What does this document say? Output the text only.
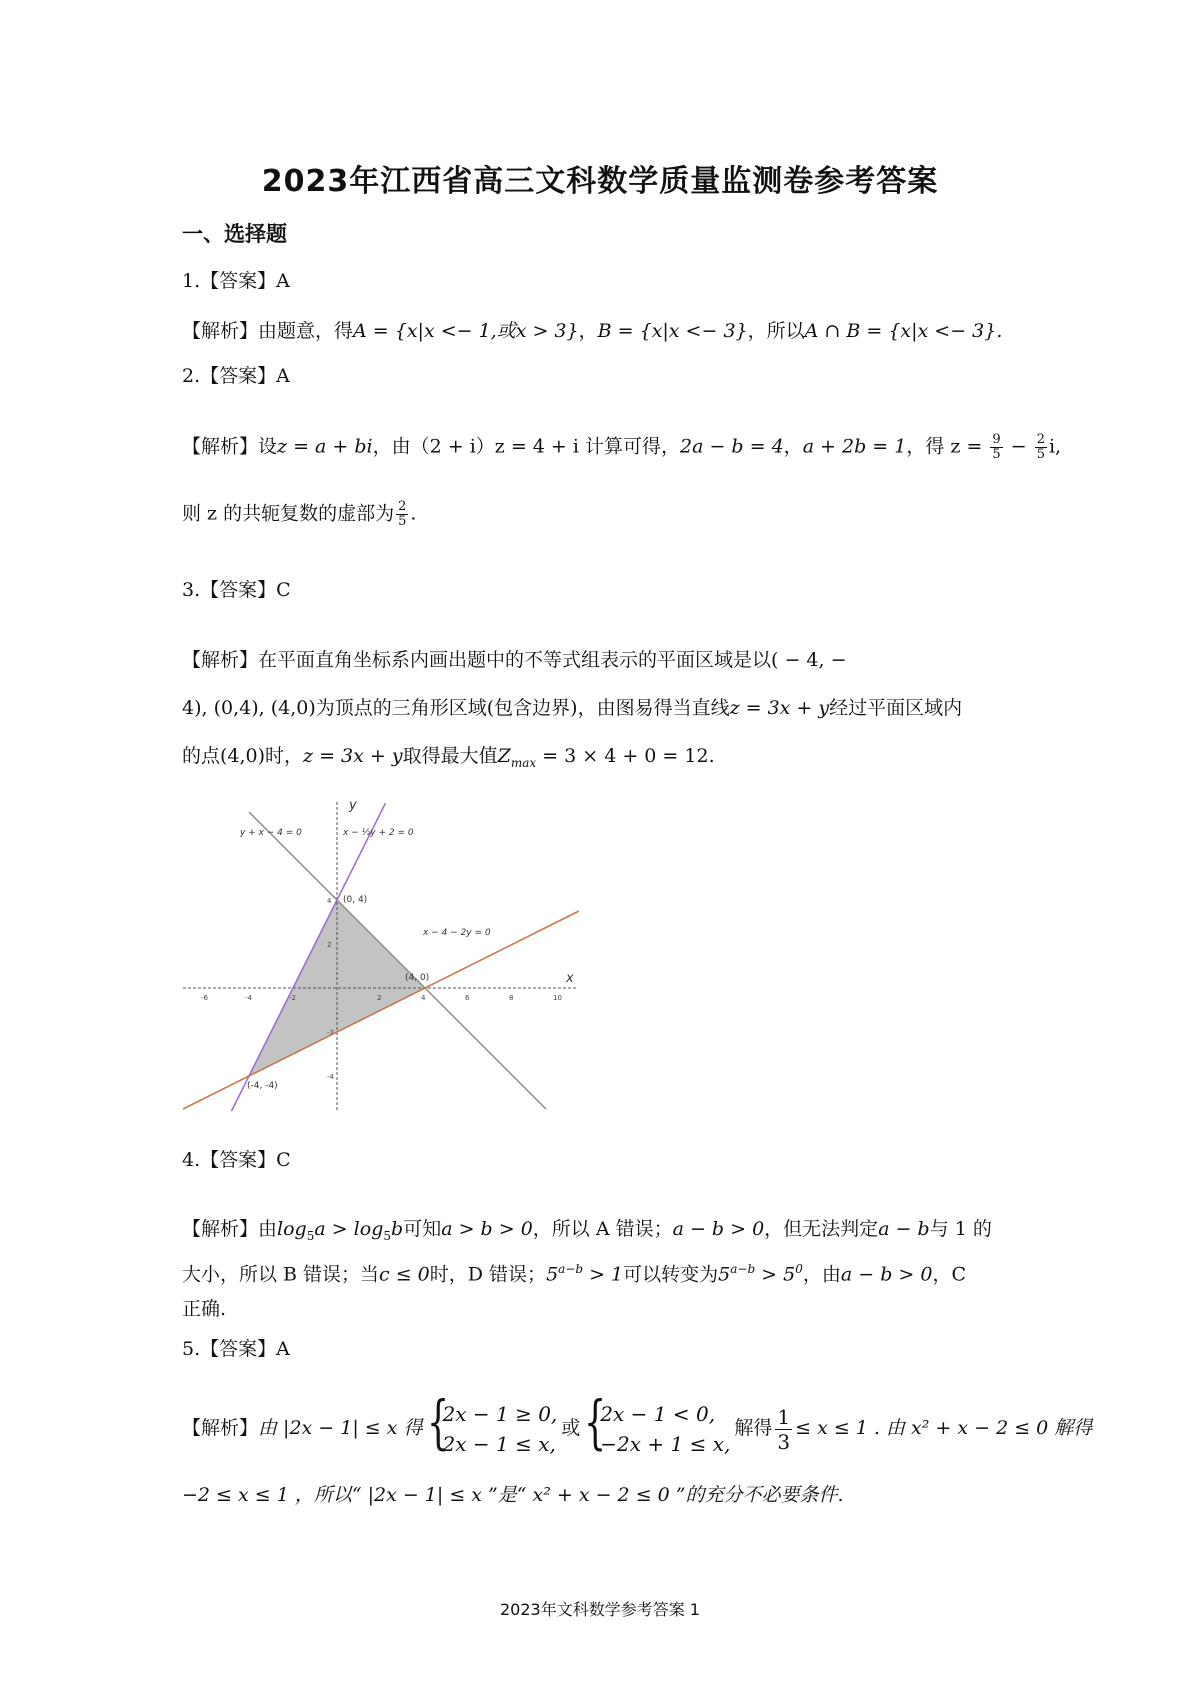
2023年江西省高三文科数学质量监测卷参考答案
一、选择题
1.【答案】A
【解析】由题意，得A = {x|x <− 1,或x > 3}，B = {x|x <− 3}，所以A ∩ B = {x|x <− 3}.
2.【答案】A
【解析】设z = a + bi，由（2 + i）z = 4 + i 计算可得，2a − b = 4，a + 2b = 1，得 $z = \frac{9}{5} - \frac{2}{5} i$,
则 z 的共轭复数的虚部为 $\frac{2}{5}$ .
3.【答案】C
【解析】在平面直角坐标系内画出题中的不等式组表示的平面区域是以( − 4, −
4), (0,4), (4,0)为顶点的三角形区域(包含边界)，由图易得当直线z = 3x + y经过平面区域内
的点(4,0)时，z = 3x + y取得最大值$Z_{max} = 3 \times 4 + 0 = 12$.
x
y
-6	-4	-2	2	4	6	8	10
4
2
-2
-4
y + x − 4 = 0	x − ½y + 2 = 0
x − 4 − 2y = 0
(0, 4)
(4, 0)
(-4, -4)
4.【答案】C
【解析】由$\log_5a > \log_5b$可知a > b > 0，所以 A 错误；a − b > 0，但无法判定a − b与 1 的
大小，所以 B 错误；当c ≤ 0时，D 错误；$5^{a-b} > 1$可以转变为$5^{a-b} > 5^0$，由a − b > 0，C
正确.
5.【答案】A
【解析】由 |2x − 1| ≤ x 得 {
2x − 1 ≥ 0,
2x − 1 ≤ x,
或 {
2x − 1 < 0,
−2x + 1 ≤ x,
解得 $\frac{1}{3} \le x \le 1$ . 由 x² + x − 2 ≤ 0 解得
−2 ≤ x ≤ 1 ，所以“ |2x − 1| ≤ x ”是“ x² + x − 2 ≤ 0 ”的充分不必要条件.
2023年文科数学参考答案 1
